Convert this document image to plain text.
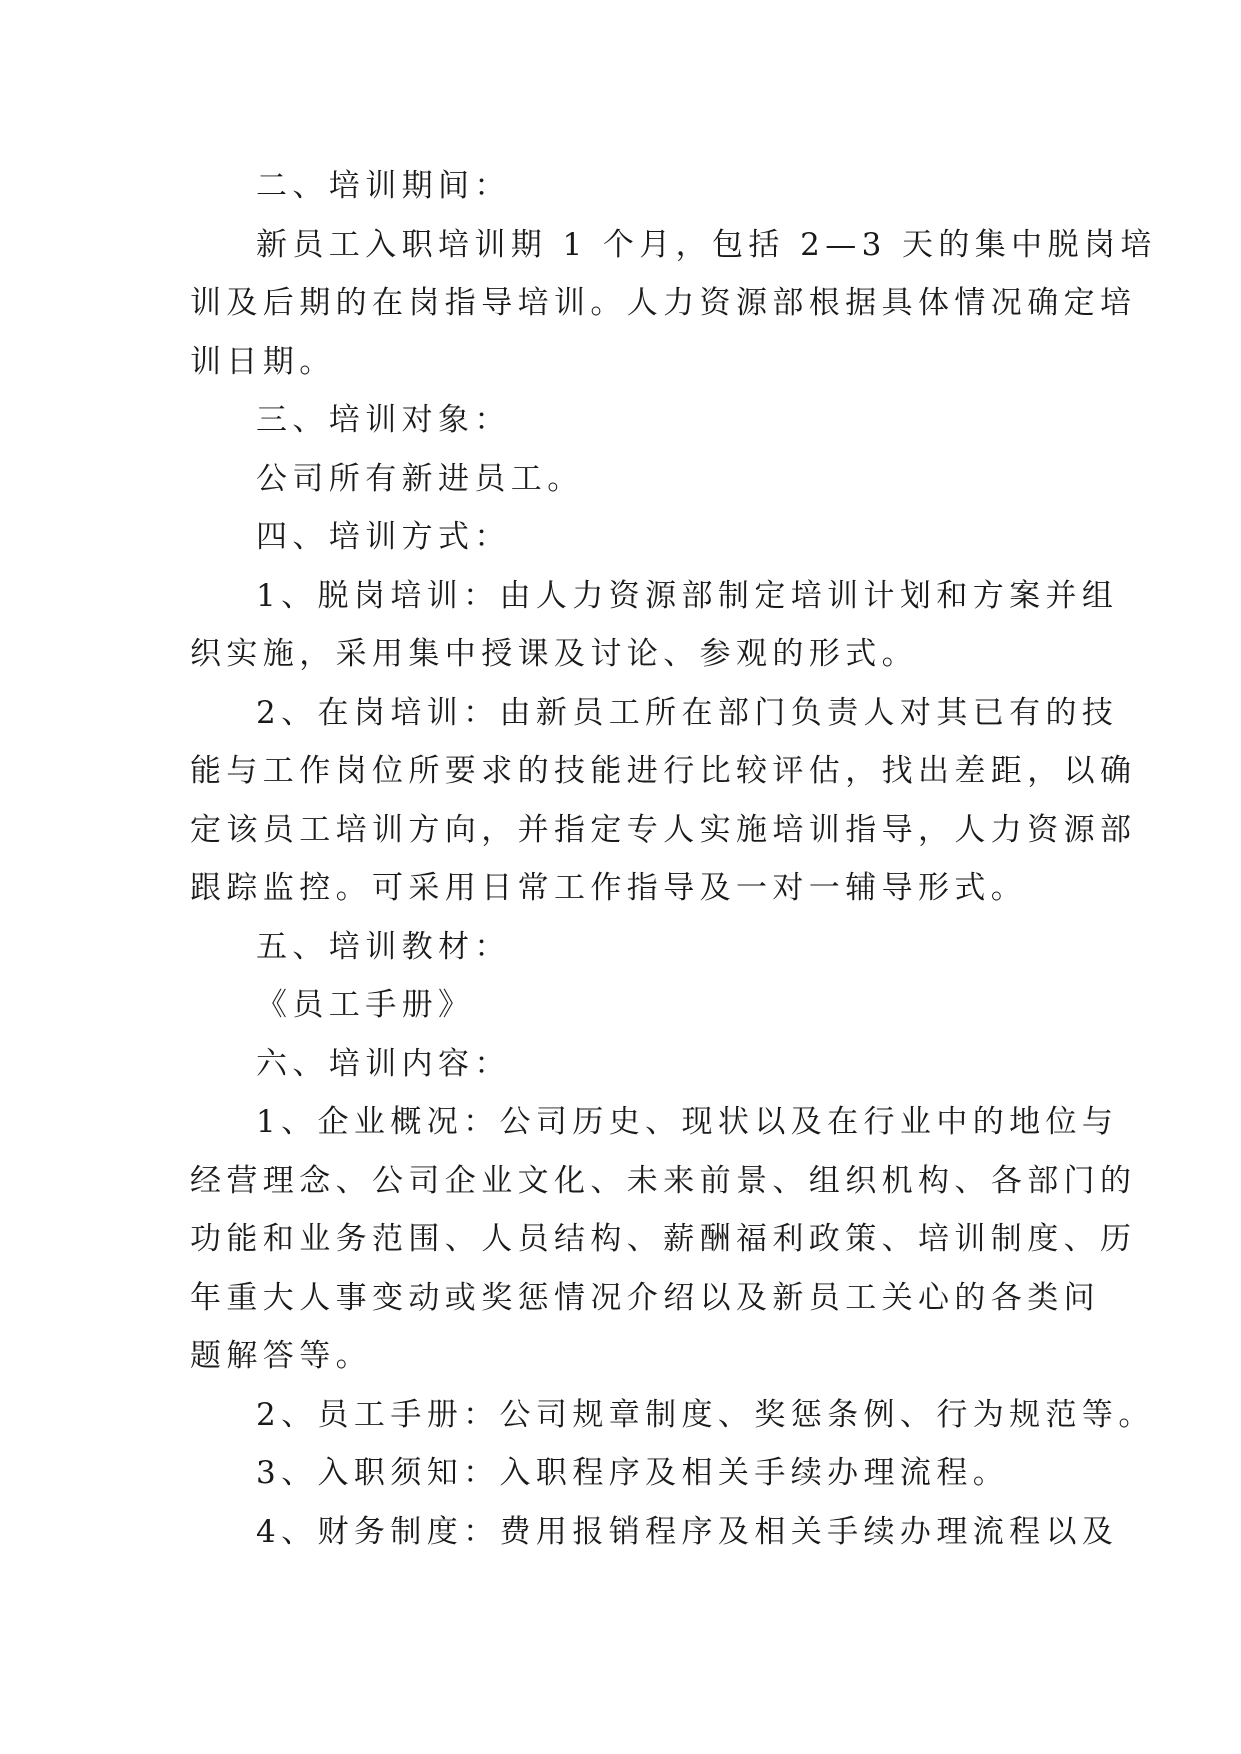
二、培训期间：
新员工入职培训期 1 个月，包括 2—3 天的集中脱岗培
训及后期的在岗指导培训。人力资源部根据具体情况确定培
训日期。
三、培训对象：
公司所有新进员工。
四、培训方式：
1、脱岗培训：由人力资源部制定培训计划和方案并组
织实施，采用集中授课及讨论、参观的形式。
2、在岗培训：由新员工所在部门负责人对其已有的技
能与工作岗位所要求的技能进行比较评估，找出差距，以确
定该员工培训方向，并指定专人实施培训指导，人力资源部
跟踪监控。可采用日常工作指导及一对一辅导形式。
五、培训教材：
《员工手册》
六、培训内容：
1、企业概况：公司历史、现状以及在行业中的地位与
经营理念、公司企业文化、未来前景、组织机构、各部门的
功能和业务范围、人员结构、薪酬福利政策、培训制度、历
年重大人事变动或奖惩情况介绍以及新员工关心的各类问
题解答等。
2、员工手册：公司规章制度、奖惩条例、行为规范等。
3、入职须知：入职程序及相关手续办理流程。
4、财务制度：费用报销程序及相关手续办理流程以及
